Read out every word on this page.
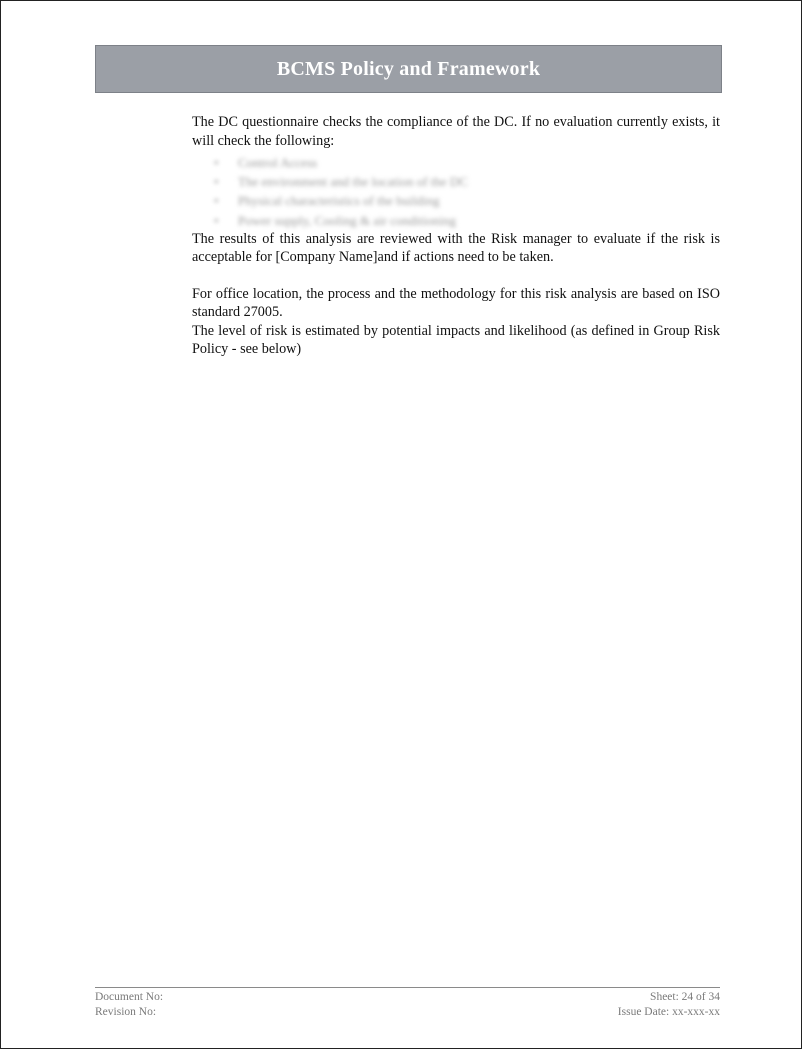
BCMS Policy and Framework

The DC questionnaire checks the compliance of the DC. If no evaluation currently exists, it will check the following:

• Control Access
• The environment and the location of the DC
• Physical characteristics of the building
• Power supply, Cooling & air conditioning

The results of this analysis are reviewed with the Risk manager to evaluate if the risk is acceptable for [Company Name]and if actions need to be taken.

For office location, the process and the methodology for this risk analysis are based on ISO standard 27005.

The level of risk is estimated by potential impacts and likelihood (as defined in Group Risk Policy - see below)

Document No:	Sheet: 24 of 34
Revision No:	Issue Date: xx-xxx-xx
